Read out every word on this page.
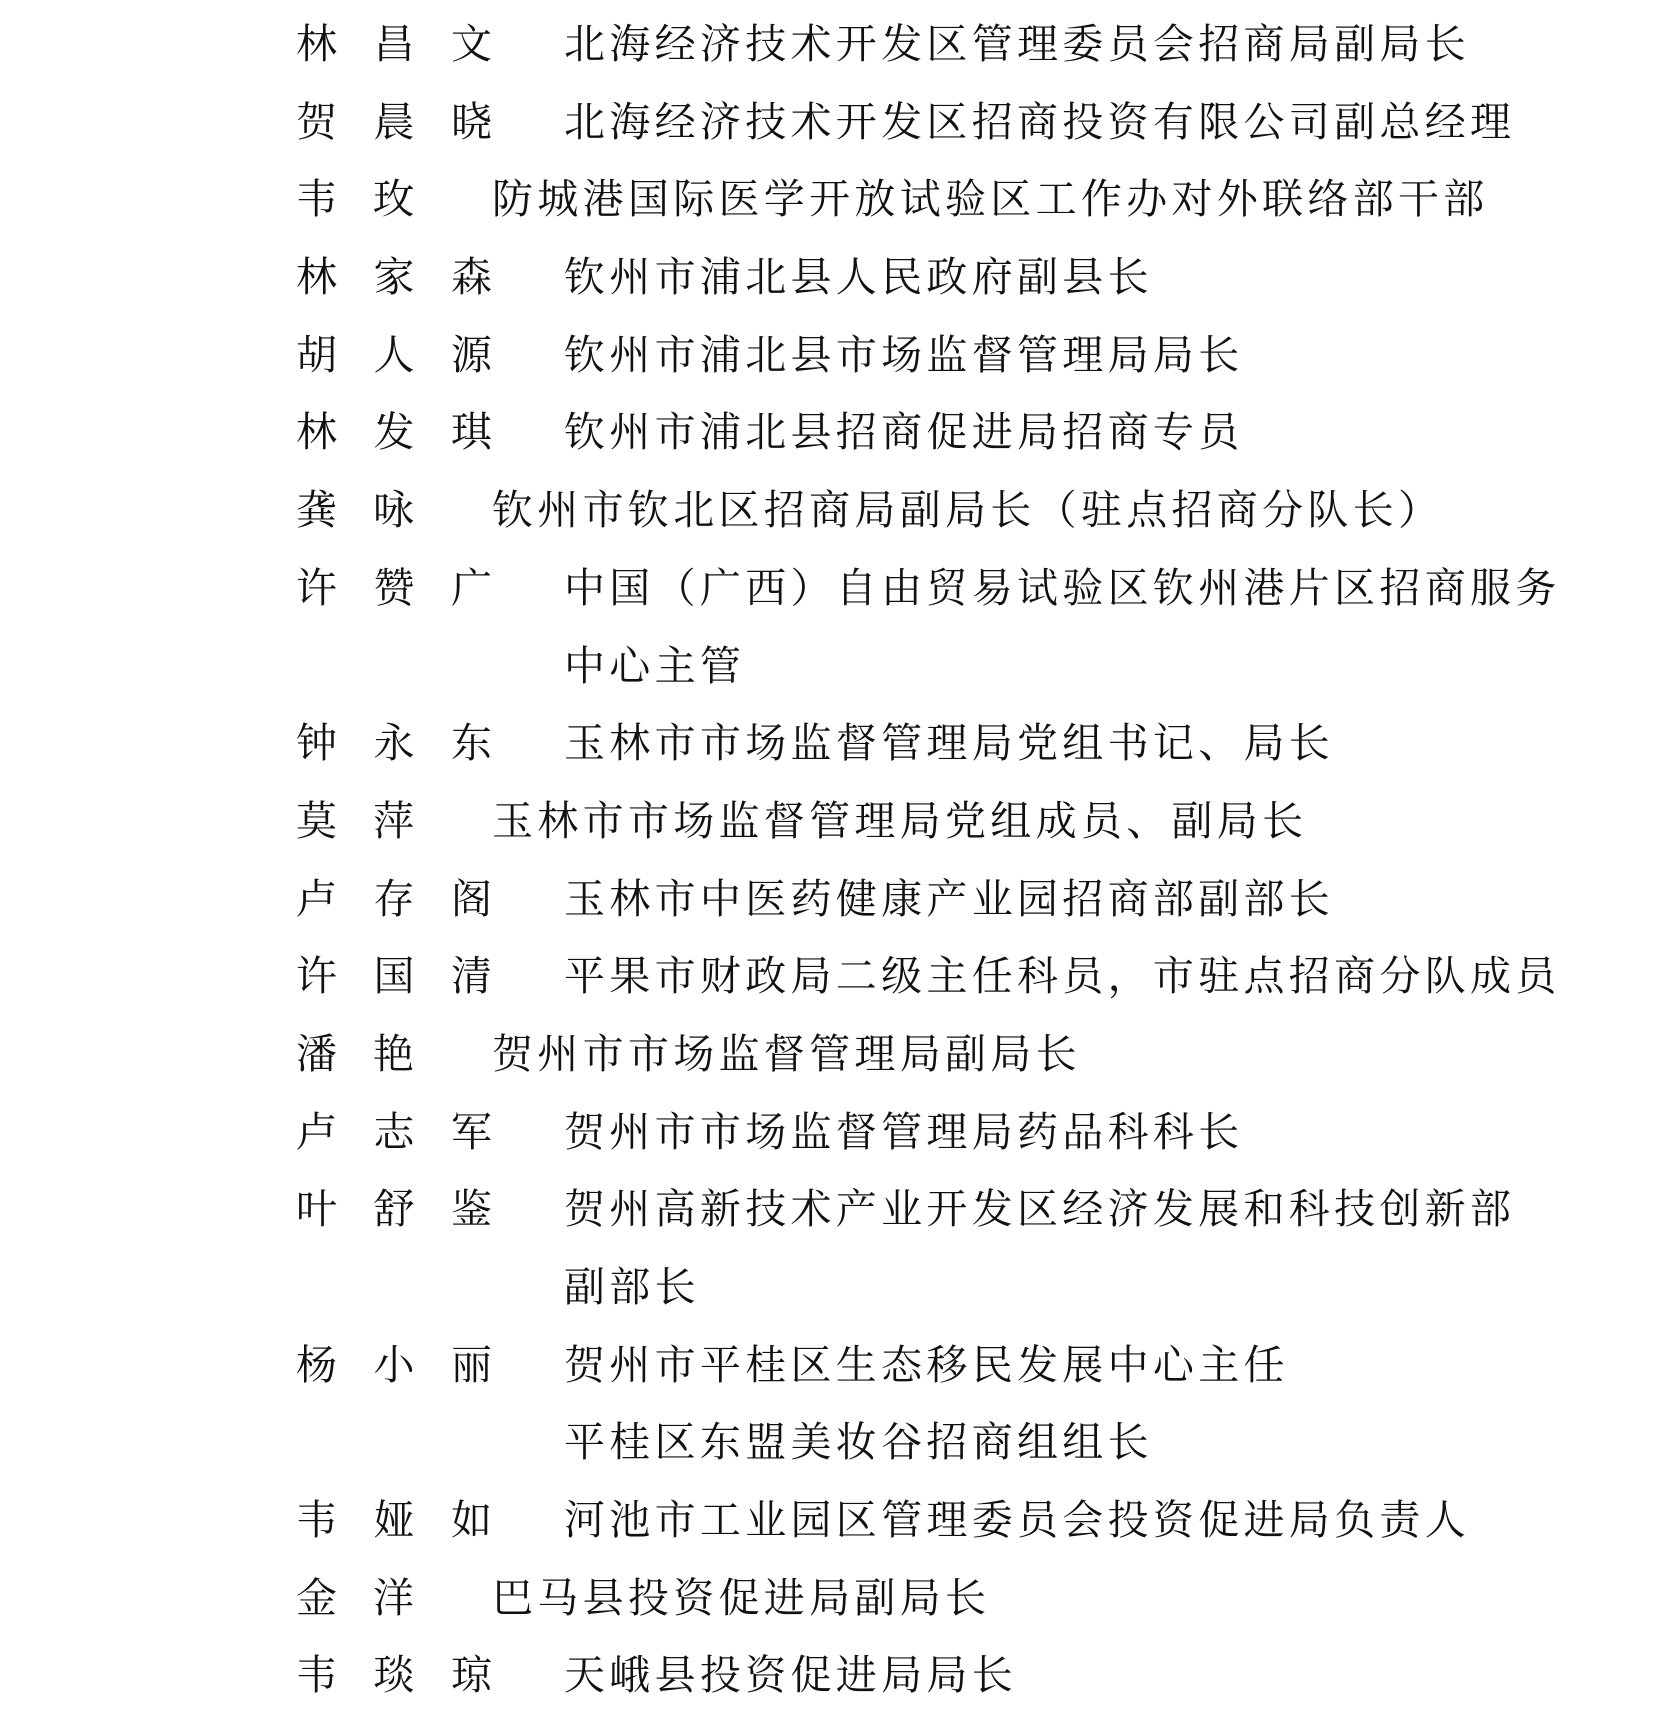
林昌文	北海经济技术开发区管理委员会招商局副局长
贺晨晓	北海经济技术开发区招商投资有限公司副总经理
韦 玫 防城港国际医学开放试验区工作办对外联络部干部
林家森	钦州市浦北县人民政府副县长
胡人源	钦州市浦北县市场监督管理局局长
林发琪	钦州市浦北县招商促进局招商专员
龚 咏 钦州市钦北区招商局副局长（驻点招商分队长）
许赞广	中国（广西）自由贸易试验区钦州港片区招商服务
中心主管
钟永东	玉林市市场监督管理局党组书记、局长
莫 萍 玉林市市场监督管理局党组成员、副局长
卢存阁	玉林市中医药健康产业园招商部副部长
许国清	平果市财政局二级主任科员，市驻点招商分队成员
潘 艳 贺州市市场监督管理局副局长
卢志军	贺州市市场监督管理局药品科科长
叶舒鉴	贺州高新技术产业开发区经济发展和科技创新部
副部长
杨小丽	贺州市平桂区生态移民发展中心主任
平桂区东盟美妆谷招商组组长
韦娅如	河池市工业园区管理委员会投资促进局负责人
金 洋 巴马县投资促进局副局长
韦琰琼	天峨县投资促进局局长
